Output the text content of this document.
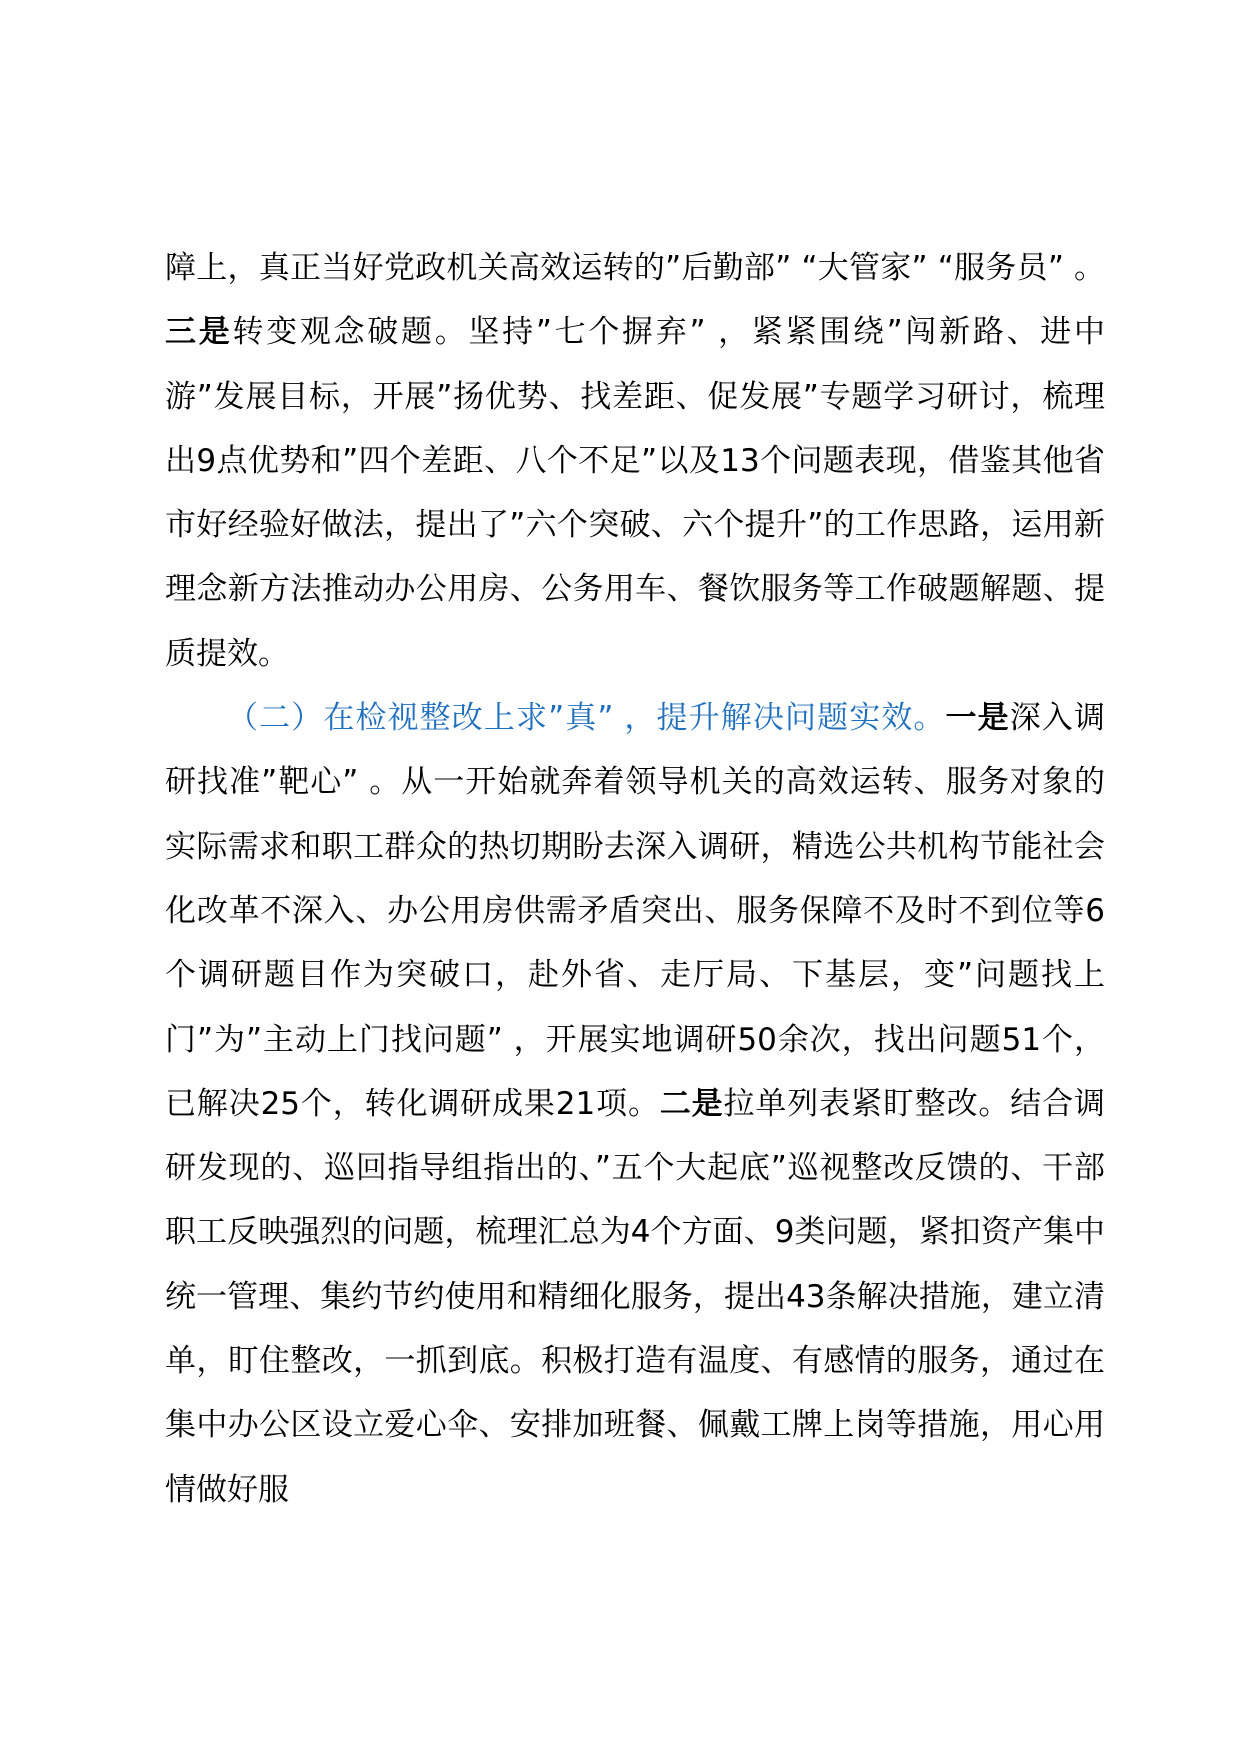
障上，真正当好党政机关高效运转的”后勤部” “大管家” “服务员” 。三是转变观念破题。坚持”七个摒弃” ，紧紧围绕”闯新路、进中游”发展目标，开展”扬优势、找差距、促发展”专题学习研讨，梳理出9点优势和”四个差距、八个不足”以及13个问题表现，借鉴其他省市好经验好做法，提出了”六个突破、六个提升”的工作思路，运用新理念新方法推动办公用房、公务用车、餐饮服务等工作破题解题、提质提效。

（二）在检视整改上求”真” ，提升解决问题实效。一是深入调研找准”靶心” 。从一开始就奔着领导机关的高效运转、服务对象的实际需求和职工群众的热切期盼去深入调研，精选公共机构节能社会化改革不深入、办公用房供需矛盾突出、服务保障不及时不到位等6个调研题目作为突破口，赴外省、走厅局、下基层，变”问题找上门”为”主动上门找问题” ，开展实地调研50余次，找出问题51个，已解决25个，转化调研成果21项。二是拉单列表紧盯整改。结合调研发现的、巡回指导组指出的、”五个大起底”巡视整改反馈的、干部职工反映强烈的问题，梳理汇总为4个方面、9类问题，紧扣资产集中统一管理、集约节约使用和精细化服务，提出43条解决措施，建立清单，盯住整改，一抓到底。积极打造有温度、有感情的服务，通过在集中办公区设立爱心伞、安排加班餐、佩戴工牌上岗等措施，用心用情做好服
